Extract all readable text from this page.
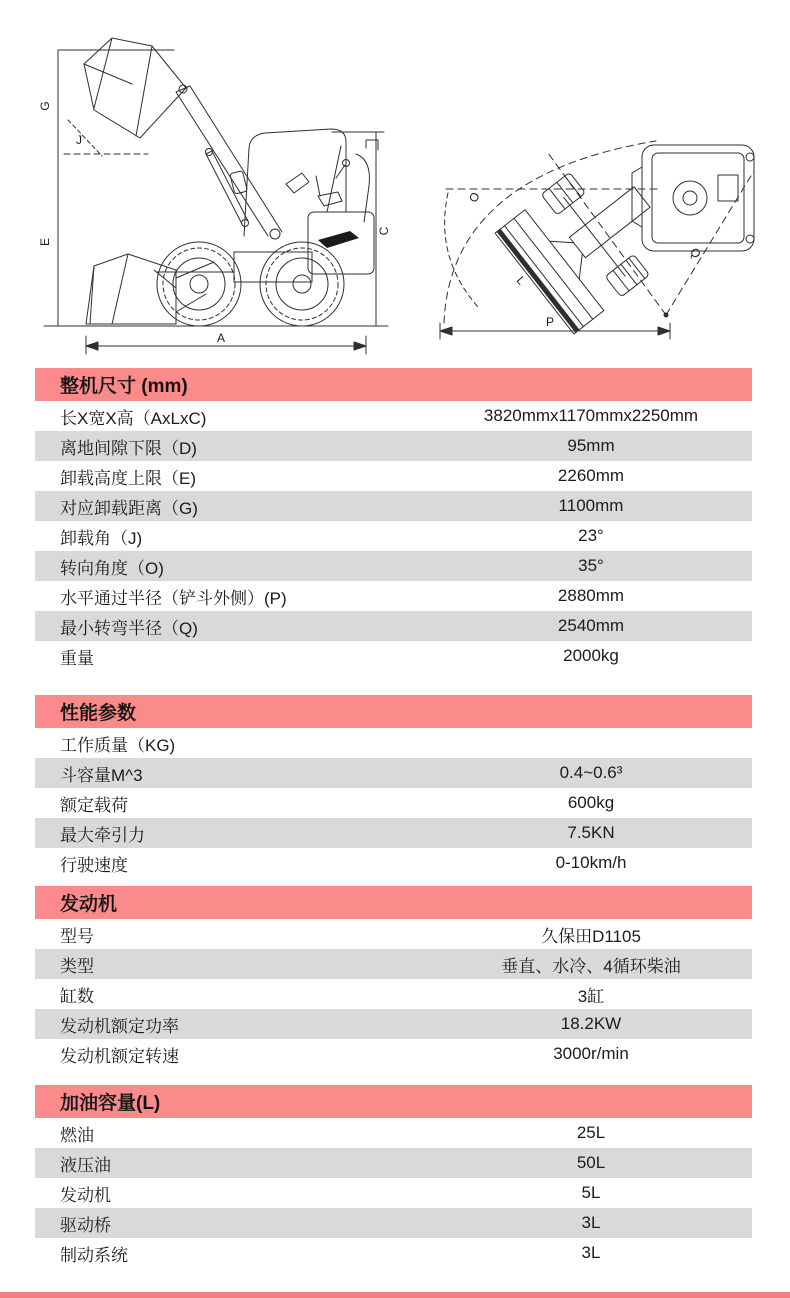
G
E
C
A
J
O
L
Q
P
整机尺寸 (mm)
长X宽X高（AxLxC)	3820mmx1170mmx2250mm
离地间隙下限（D)	95mm
卸载高度上限（E)	2260mm
对应卸载距离（G)	1100mm
卸载角（J)	23°
转向角度（O)	35°
水平通过半径（铲斗外侧）(P)	2880mm
最小转弯半径（Q)	2540mm
重量	2000kg
性能参数
工作质量（KG)
斗容量M^3	0.4~0.6³
额定载荷	600kg
最大牵引力	7.5KN
行驶速度	0-10km/h
发动机
型号	久保田D1105
类型	垂直、水冷、4循环柴油
缸数	3缸
发动机额定功率	18.2KW
发动机额定转速	3000r/min
加油容量(L)
燃油	25L
液压油	50L
发动机	5L
驱动桥	3L
制动系统	3L
